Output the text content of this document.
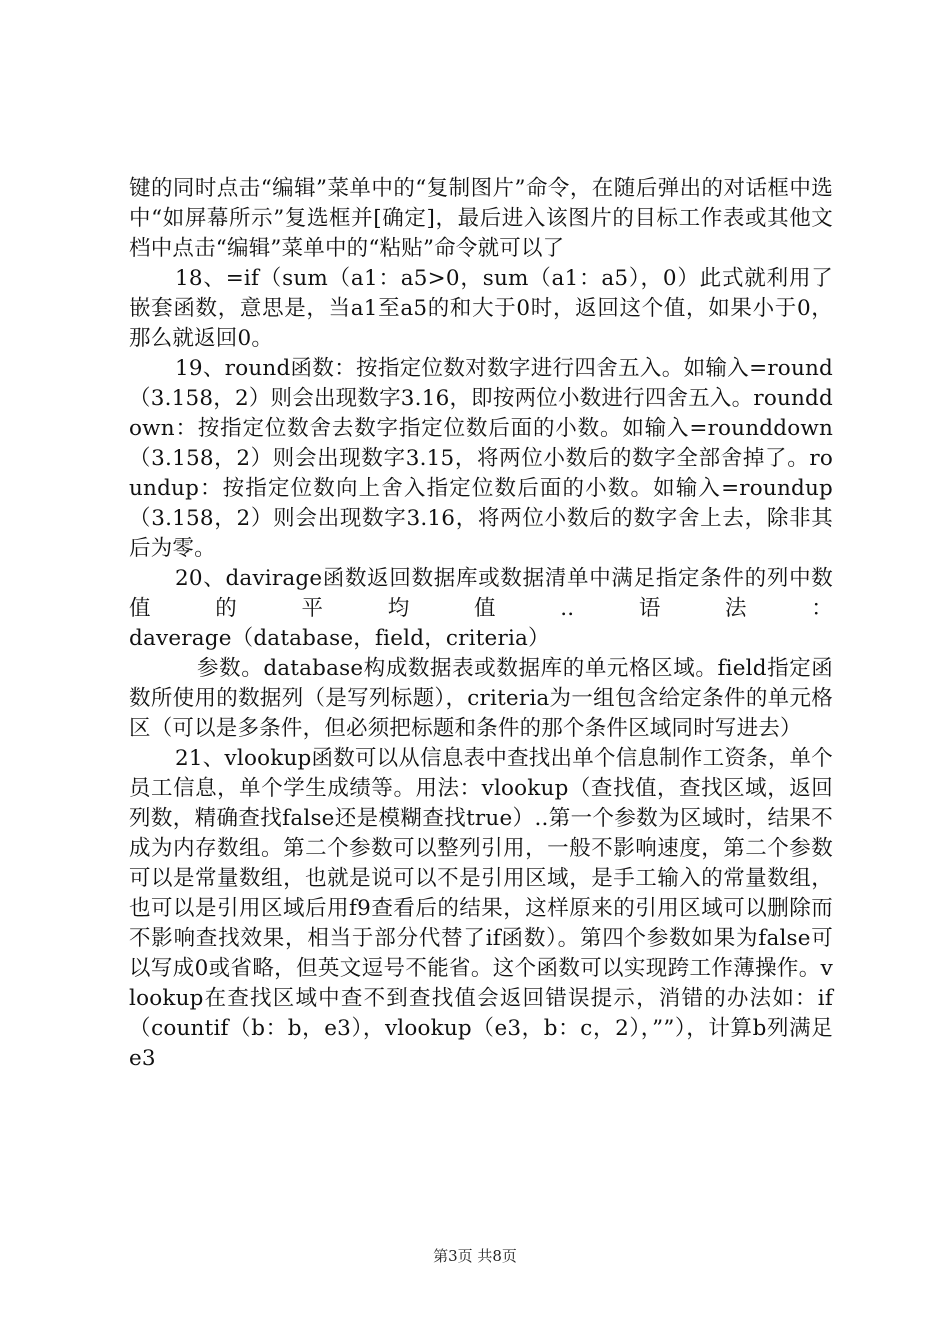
键的同时点击“编辑”菜单中的“复制图片”命令，在随后弹出的对话框中选中“如屏幕所示”复选框并[确定]，最后进入该图片的目标工作表或其他文档中点击“编辑”菜单中的“粘贴”命令就可以了

18、=if（sum（a1：a5>0，sum（a1：a5），0）此式就利用了嵌套函数，意思是，当a1至a5的和大于0时，返回这个值，如果小于0，那么就返回0。

19、round函数：按指定位数对数字进行四舍五入。如输入=round（3.158，2）则会出现数字3.16，即按两位小数进行四舍五入。rounddown：按指定位数舍去数字指定位数后面的小数。如输入=rounddown（3.158，2）则会出现数字3.15，将两位小数后的数字全部舍掉了。roundup：按指定位数向上舍入指定位数后面的小数。如输入=roundup（3.158，2）则会出现数字3.16，将两位小数后的数字舍上去，除非其后为零。

20、davirage函数返回数据库或数据清单中满足指定条件的列中数值的平均值..语法：

daverage（database，field，criteria）

参数。database构成数据表或数据库的单元格区域。field指定函数所使用的数据列（是写列标题），criteria为一组包含给定条件的单元格区（可以是多条件，但必须把标题和条件的那个条件区域同时写进去）

21、vlookup函数可以从信息表中查找出单个信息制作工资条，单个员工信息，单个学生成绩等。用法：vlookup（查找值，查找区域，返回列数，精确查找false还是模糊查找true）..第一个参数为区域时，结果不成为内存数组。第二个参数可以整列引用，一般不影响速度，第二个参数可以是常量数组，也就是说可以不是引用区域，是手工输入的常量数组，也可以是引用区域后用f9查看后的结果，这样原来的引用区域可以删除而不影响查找效果，相当于部分代替了if函数）。第四个参数如果为false可以写成0或省略，但英文逗号不能省。这个函数可以实现跨工作薄操作。vlookup在查找区域中查不到查找值会返回错误提示，消错的办法如：if（countif（b：b，e3），vlookup（e3，b：c，2），””），计算b列满足e3

第3页 共8页
